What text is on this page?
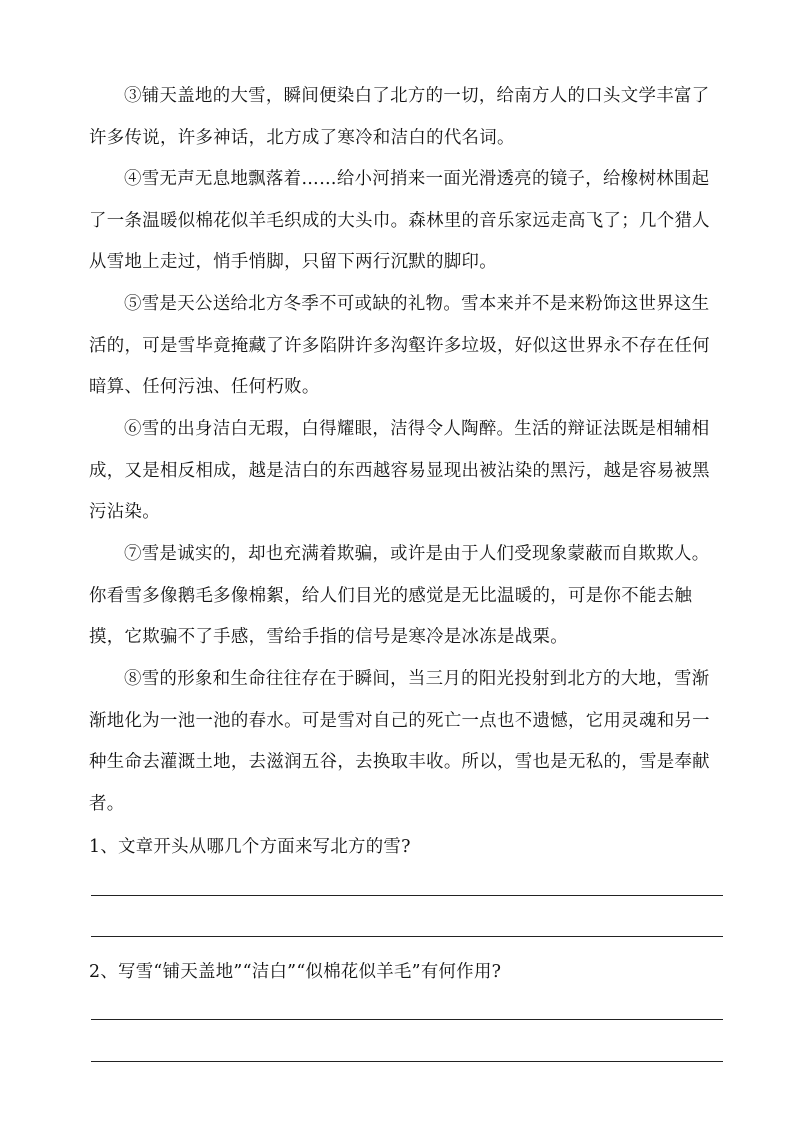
③铺天盖地的大雪，瞬间便染白了北方的一切，给南方人的口头文学丰富了许多传说，许多神话，北方成了寒冷和洁白的代名词。

④雪无声无息地飘落着……给小河捎来一面光滑透亮的镜子，给橡树林围起了一条温暖似棉花似羊毛织成的大头巾。森林里的音乐家远走高飞了；几个猎人从雪地上走过，悄手悄脚，只留下两行沉默的脚印。

⑤雪是天公送给北方冬季不可或缺的礼物。雪本来并不是来粉饰这世界这生活的，可是雪毕竟掩藏了许多陷阱许多沟壑许多垃圾，好似这世界永不存在任何暗算、任何污浊、任何朽败。

⑥雪的出身洁白无瑕，白得耀眼，洁得令人陶醉。生活的辩证法既是相辅相成，又是相反相成，越是洁白的东西越容易显现出被沾染的黑污，越是容易被黑污沾染。

⑦雪是诚实的，却也充满着欺骗，或许是由于人们受现象蒙蔽而自欺欺人。你看雪多像鹅毛多像棉絮，给人们目光的感觉是无比温暖的，可是你不能去触摸，它欺骗不了手感，雪给手指的信号是寒冷是冰冻是战栗。

⑧雪的形象和生命往往存在于瞬间，当三月的阳光投射到北方的大地，雪渐渐地化为一池一池的春水。可是雪对自己的死亡一点也不遗憾，它用灵魂和另一种生命去灌溉土地，去滋润五谷，去换取丰收。所以，雪也是无私的，雪是奉献者。

1、文章开头从哪几个方面来写北方的雪?

2、写雪“铺天盖地”“洁白”“似棉花似羊毛”有何作用?
